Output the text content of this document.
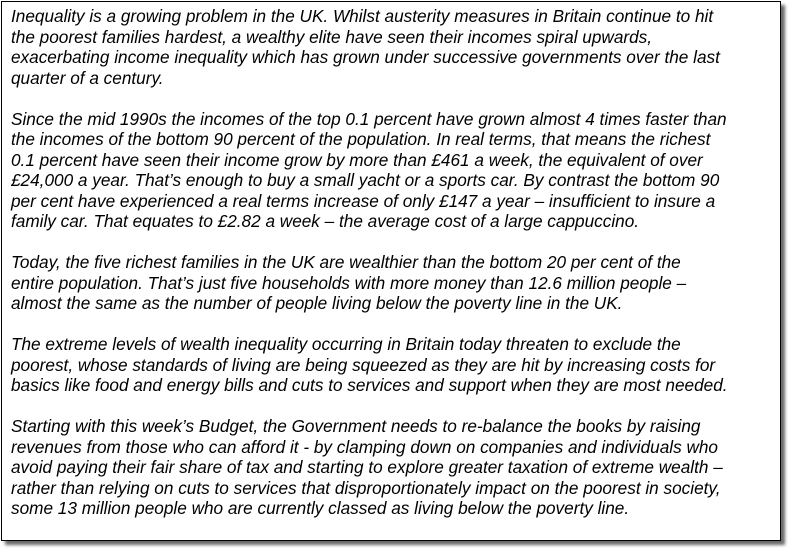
Inequality is a growing problem in the UK. Whilst austerity measures in Britain continue to hit
the poorest families hardest, a wealthy elite have seen their incomes spiral upwards,
exacerbating income inequality which has grown under successive governments over the last
quarter of a century.

Since the mid 1990s the incomes of the top 0.1 percent have grown almost 4 times faster than
the incomes of the bottom 90 percent of the population. In real terms, that means the richest
0.1 percent have seen their income grow by more than £461 a week, the equivalent of over
£24,000 a year. That’s enough to buy a small yacht or a sports car. By contrast the bottom 90
per cent have experienced a real terms increase of only £147 a year – insufficient to insure a
family car. That equates to £2.82 a week – the average cost of a large cappuccino.

Today, the five richest families in the UK are wealthier than the bottom 20 per cent of the
entire population. That’s just five households with more money than 12.6 million people –
almost the same as the number of people living below the poverty line in the UK.

The extreme levels of wealth inequality occurring in Britain today threaten to exclude the
poorest, whose standards of living are being squeezed as they are hit by increasing costs for
basics like food and energy bills and cuts to services and support when they are most needed.

Starting with this week’s Budget, the Government needs to re-balance the books by raising
revenues from those who can afford it - by clamping down on companies and individuals who
avoid paying their fair share of tax and starting to explore greater taxation of extreme wealth –
rather than relying on cuts to services that disproportionately impact on the poorest in society,
some 13 million people who are currently classed as living below the poverty line.
